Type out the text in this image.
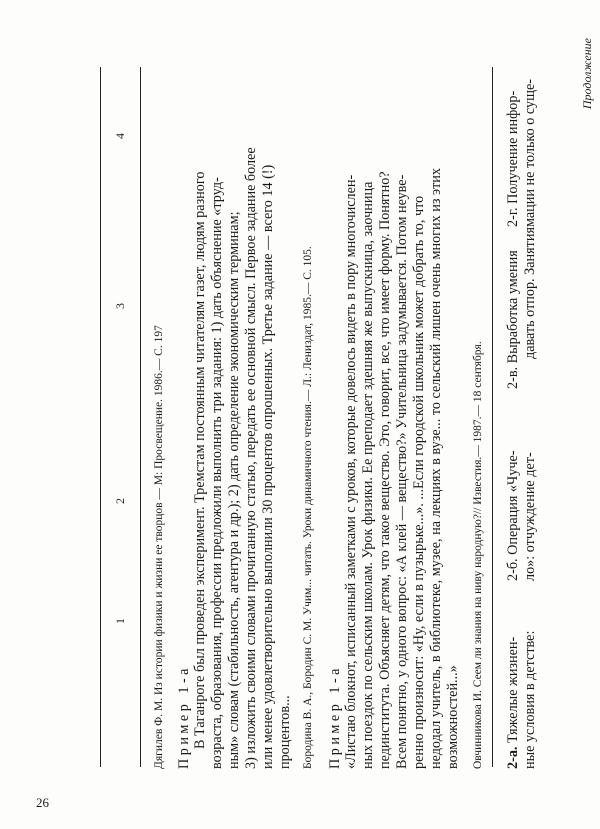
26
Продолжение
1
2
3
4
Дягилев Ф. М. Из истории физики и жизни ее творцов — М: Просвещение. 1986.— С. 197 Пример 1-а В Таганроге был проведен эксперимент. Тремстам постоянным читателям газет, людям разного возраста, образования, профессии предложили выполнить три задания: 1) дать объяснение «труд- ным» словам (стабильность, агентура и др.); 2) дать определение экономическим терминам; 3) изложить своими словами прочитанную статью, передать ее основной смысл. Первое задание более или менее удовлетворительно выполнили 30 процентов опрошенных. Третье задание — всего 14 (!) процентов... Бородина В. А., Бородин С. М. Учим... читать. Уроки динамичного чтения.— Л.: Лениздат, 1985.— С. 105. Пример 1-а «Листаю блокнот, исписанный заметками с уроков, которые довелось видеть в пору многочислен- ных поездок по сельским школам. Урок физики. Ее преподает здешняя же выпускница, заочница пединститута. Объясняет детям, что такое вещество. Это, говорит, все, что имеет форму. Понятно? Всем понятно, у одного вопрос: «А клей — вещество?» Учительница задумывается. Потом неуве- ренно произносит: «Ну, если в пузырьке...». ...Если городской школьник может добрать то, что недодал учитель, в библиотеке, музее, на лекциях в вузе... то сельский лишен очень многих из этих возможностей...» Овчинникова И. Сеем ли знания на ниву народную?// Известия.— 1987.— 18 сентября. 2-а. Тяжелые жизнен- ные условия в детстве:
2-б. Операция «Чуче- ло»: отчуждение дет-
2-в. Выработка умения давать отпор. Занятия
2-г. Получение инфор- мации не только о суще-
